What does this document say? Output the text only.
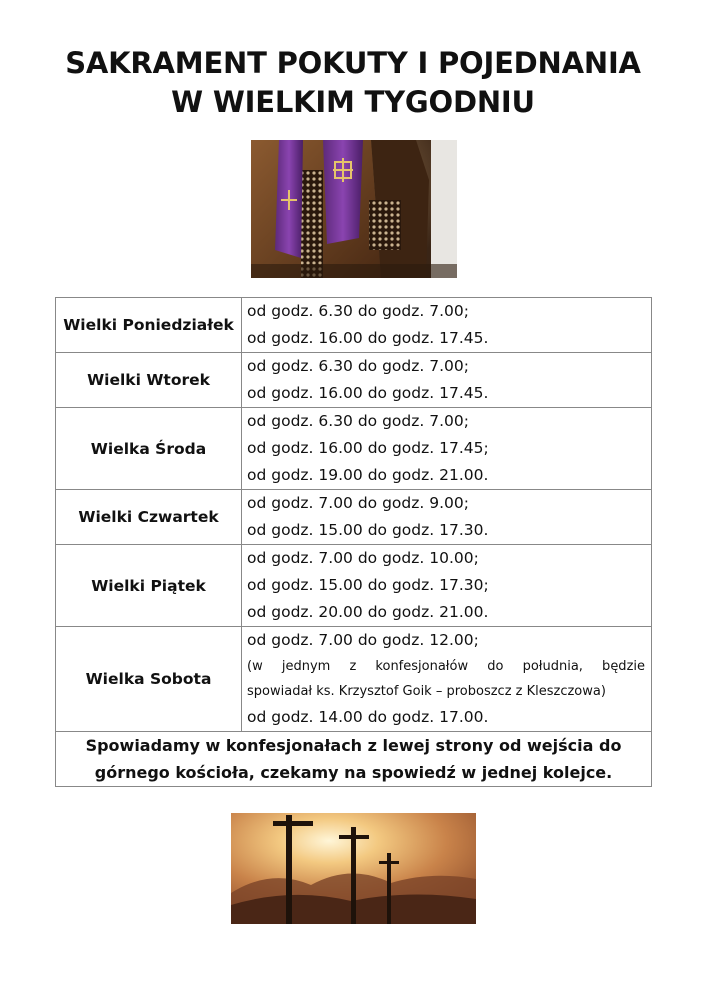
SAKRAMENT POKUTY I POJEDNANIA
W WIELKIM TYGODNIU
Wielki Poniedziałek	od godz. 6.30 do godz. 7.00;
od godz. 16.00 do godz. 17.45.

Wielki Wtorek	od godz. 6.30 do godz. 7.00;
od godz. 16.00 do godz. 17.45.

Wielka Środa	od godz. 6.30 do godz. 7.00;
od godz. 16.00 do godz. 17.45;
od godz. 19.00 do godz. 21.00.

Wielki Czwartek	od godz. 7.00 do godz. 9.00;
od godz. 15.00 do godz. 17.30.

Wielki Piątek	od godz. 7.00 do godz. 10.00;
od godz. 15.00 do godz. 17.30;
od godz. 20.00 do godz. 21.00.

Wielka Sobota	od godz. 7.00 do godz. 12.00;
(w jednym z konfesjonałów do południa, będzie
spowiadał ks. Krzysztof Goik – proboszcz z Kleszczowa)
od godz. 14.00 do godz. 17.00.

Spowiadamy w konfesjonałach z lewej strony od wejścia do
górnego kościoła, czekamy na spowiedź w jednej kolejce.	
